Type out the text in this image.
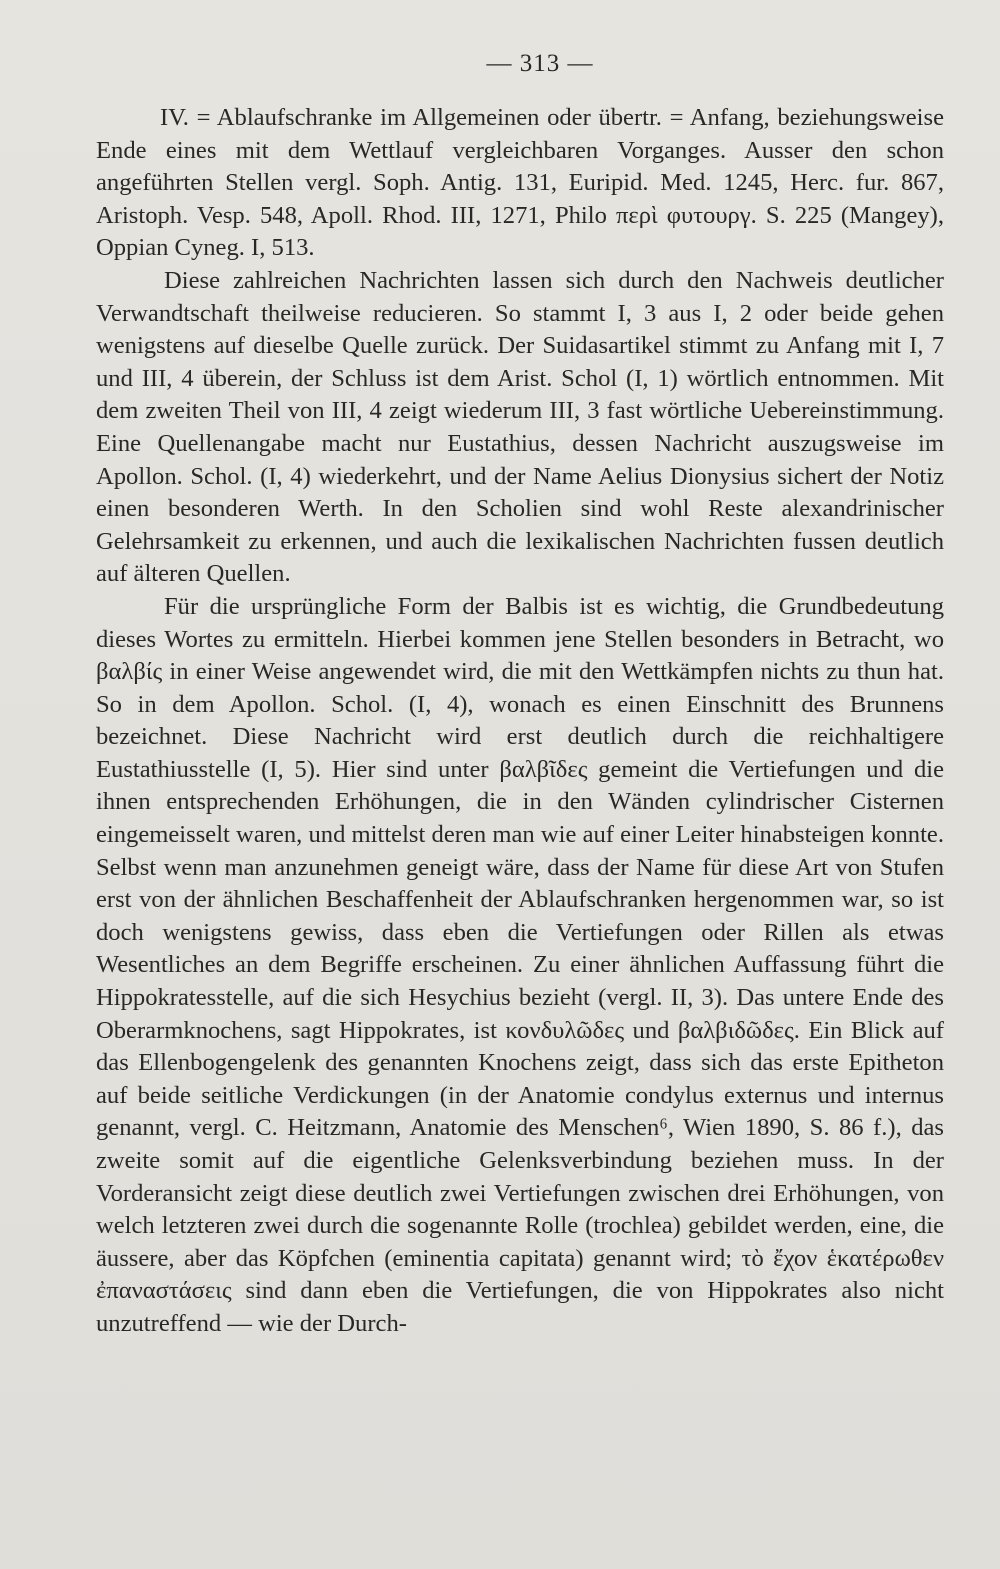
— 313 —

IV. = Ablaufschranke im Allgemeinen oder übertr. = Anfang, beziehungsweise Ende eines mit dem Wettlauf vergleichbaren Vorganges. Ausser den schon angeführten Stellen vergl. Soph. Antig. 131, Euripid. Med. 1245, Herc. fur. 867, Aristoph. Vesp. 548, Apoll. Rhod. III, 1271, Philo περὶ φυτουργ. S. 225 (Mangey), Oppian Cyneg. I, 513.

Diese zahlreichen Nachrichten lassen sich durch den Nachweis deutlicher Verwandtschaft theilweise reducieren. So stammt I, 3 aus I, 2 oder beide gehen wenigstens auf dieselbe Quelle zurück. Der Suidasartikel stimmt zu Anfang mit I, 7 und III, 4 überein, der Schluss ist dem Arist. Schol (I, 1) wörtlich entnommen. Mit dem zweiten Theil von III, 4 zeigt wiederum III, 3 fast wörtliche Uebereinstimmung. Eine Quellenangabe macht nur Eustathius, dessen Nachricht auszugsweise im Apollon. Schol. (I, 4) wiederkehrt, und der Name Aelius Dionysius sichert der Notiz einen besonderen Werth. In den Scholien sind wohl Reste alexandrinischer Gelehrsamkeit zu erkennen, und auch die lexikalischen Nachrichten fussen deutlich auf älteren Quellen.

Für die ursprüngliche Form der Balbis ist es wichtig, die Grundbedeutung dieses Wortes zu ermitteln. Hierbei kommen jene Stellen besonders in Betracht, wo βαλβίς in einer Weise angewendet wird, die mit den Wettkämpfen nichts zu thun hat. So in dem Apollon. Schol. (I, 4), wonach es einen Einschnitt des Brunnens bezeichnet. Diese Nachricht wird erst deutlich durch die reichhaltigere Eustathiusstelle (I, 5). Hier sind unter βαλβῖδες gemeint die Vertiefungen und die ihnen entsprechenden Erhöhungen, die in den Wänden cylindrischer Cisternen eingemeisselt waren, und mittelst deren man wie auf einer Leiter hinabsteigen konnte. Selbst wenn man anzunehmen geneigt wäre, dass der Name für diese Art von Stufen erst von der ähnlichen Beschaffenheit der Ablaufschranken hergenommen war, so ist doch wenigstens gewiss, dass eben die Vertiefungen oder Rillen als etwas Wesentliches an dem Begriffe erscheinen. Zu einer ähnlichen Auffassung führt die Hippokratesstelle, auf die sich Hesychius bezieht (vergl. II, 3). Das untere Ende des Oberarmknochens, sagt Hippokrates, ist κονδυλῶδες und βαλβιδῶδες. Ein Blick auf das Ellenbogengelenk des genannten Knochens zeigt, dass sich das erste Epitheton auf beide seitliche Verdickungen (in der Anatomie condylus externus und internus genannt, vergl. C. Heitzmann, Anatomie des Menschen⁶, Wien 1890, S. 86 f.), das zweite somit auf die eigentliche Gelenksverbindung beziehen muss. In der Vorderansicht zeigt diese deutlich zwei Vertiefungen zwischen drei Erhöhungen, von welch letzteren zwei durch die sogenannte Rolle (trochlea) gebildet werden, eine, die äussere, aber das Köpfchen (eminentia capitata) genannt wird; τὸ ἔχον ἑκατέρωθεν ἐπαναστάσεις sind dann eben die Vertiefungen, die von Hippokrates also nicht unzutreffend — wie der Durch-
